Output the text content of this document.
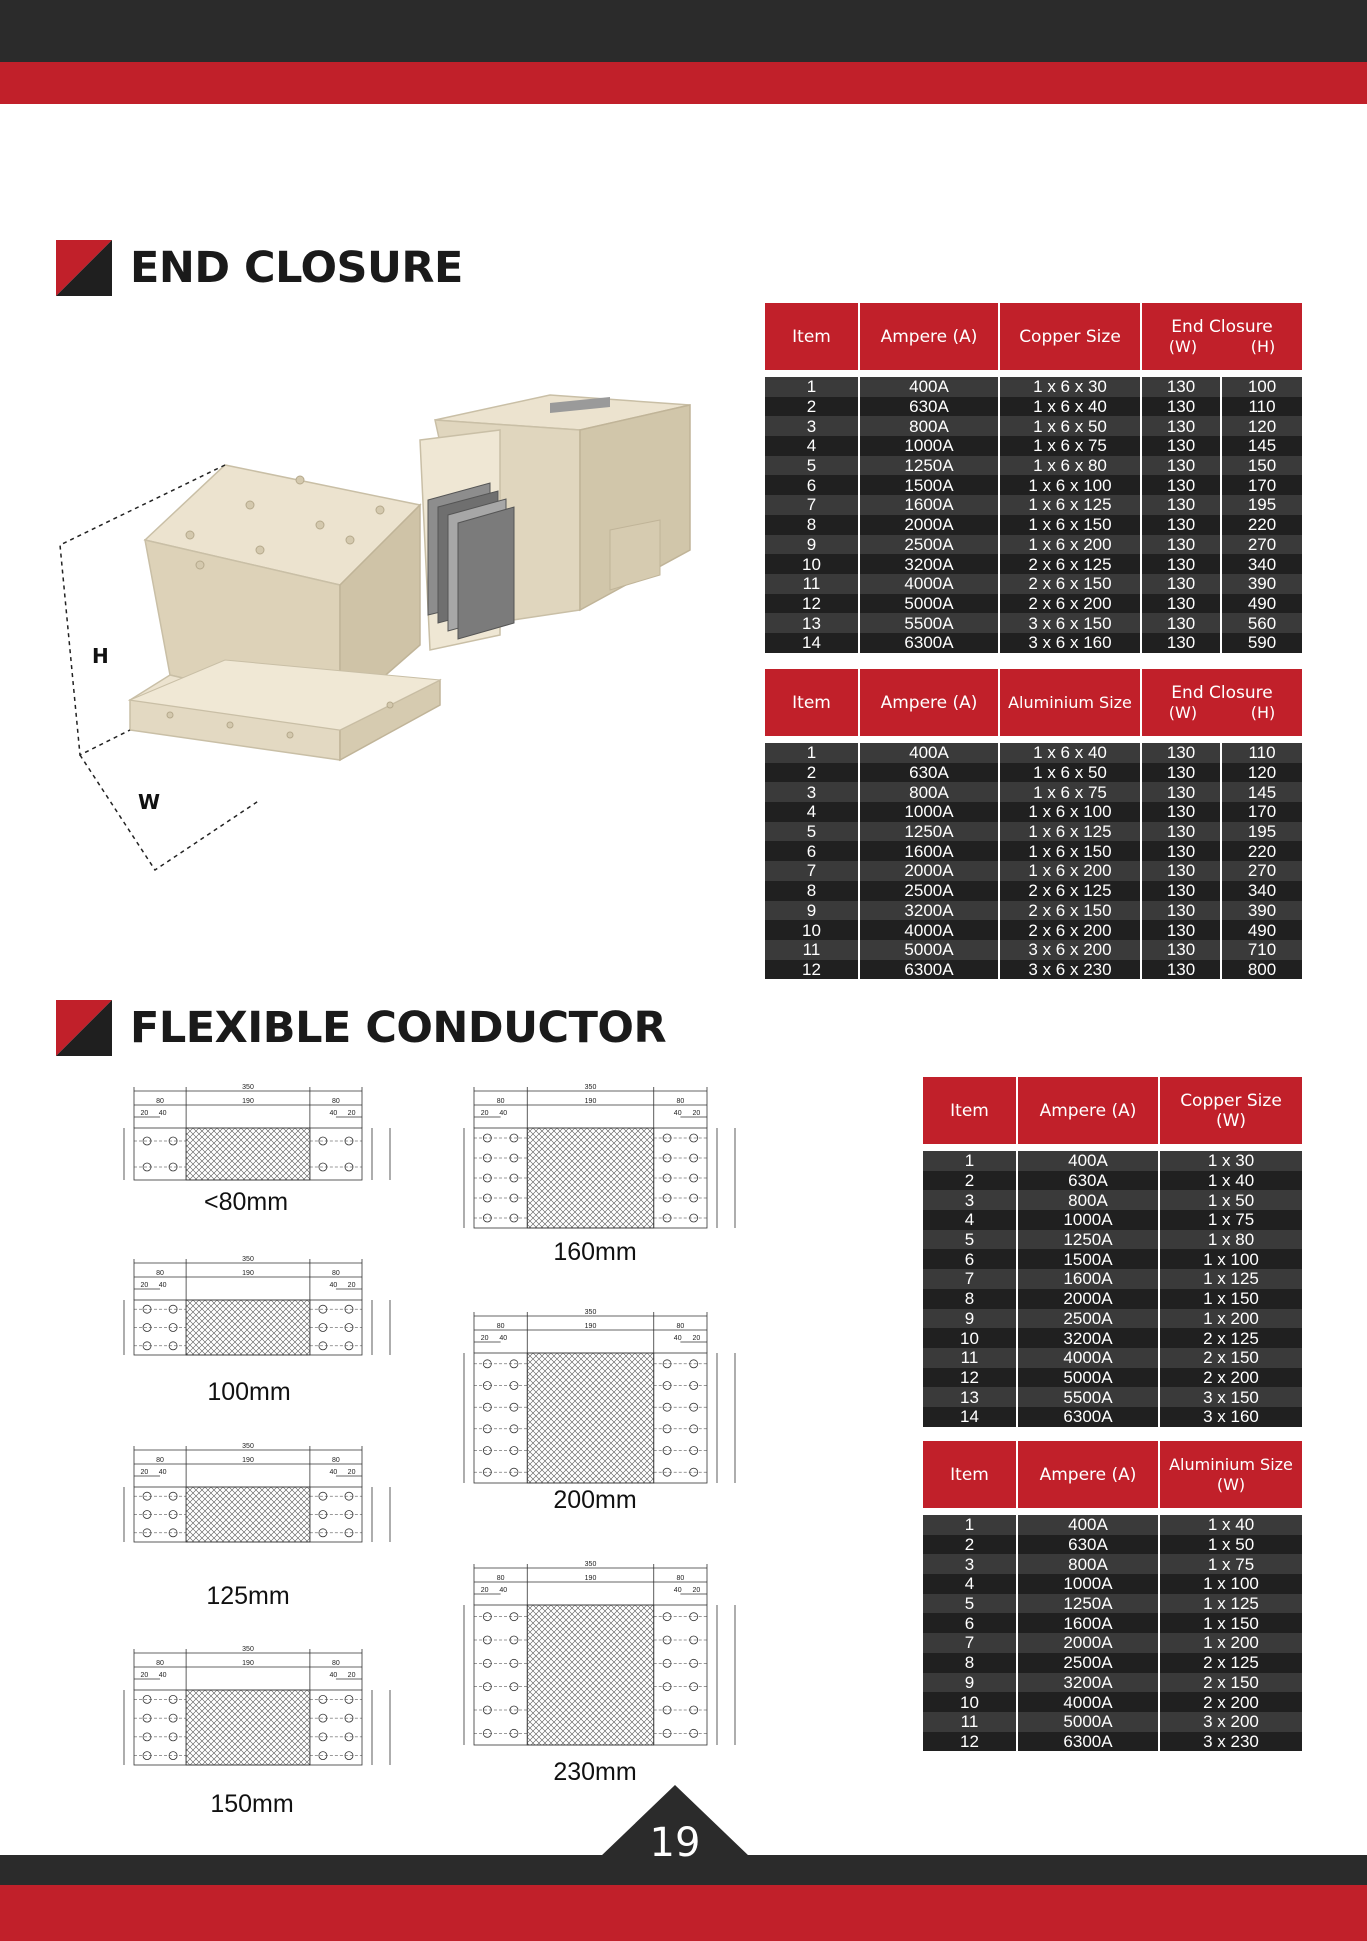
END CLOSURE
H
W
Item	Ampere (A)	Copper Size	End Closure
(W) (H)	

1	400A	1 x 6 x 30	130	100
2	630A	1 x 6 x 40	130	110
3	800A	1 x 6 x 50	130	120
4	1000A	1 x 6 x 75	130	145
5	1250A	1 x 6 x 80	130	150
6	1500A	1 x 6 x 100	130	170
7	1600A	1 x 6 x 125	130	195
8	2000A	1 x 6 x 150	130	220
9	2500A	1 x 6 x 200	130	270
10	3200A	2 x 6 x 125	130	340
11	4000A	2 x 6 x 150	130	390
12	5000A	2 x 6 x 200	130	490
13	5500A	3 x 6 x 150	130	560
14	6300A	3 x 6 x 160	130	590
Item	Ampere (A)	Aluminium Size	End Closure
(W) (H)	

1	400A	1 x 6 x 40	130	110
2	630A	1 x 6 x 50	130	120
3	800A	1 x 6 x 75	130	145
4	1000A	1 x 6 x 100	130	170
5	1250A	1 x 6 x 125	130	195
6	1600A	1 x 6 x 150	130	220
7	2000A	1 x 6 x 200	130	270
8	2500A	2 x 6 x 125	130	340
9	3200A	2 x 6 x 150	130	390
10	4000A	2 x 6 x 200	130	490
11	5000A	3 x 6 x 200	130	710
12	6300A	3 x 6 x 230	130	800
FLEXIBLE CONDUCTOR
350
80	80
190
20 40	40 20
350
80	80
190
20 40	40 20
350
80	80
190
20 40	40 20
350
80	80
190
20 40	40 20
350
80	80
190
20 40	40 20
350
80	80
190
20 40	40 20
350
80	80
190
20 40	40 20
<80mm
100mm
125mm
150mm
160mm
200mm
230mm
Item	Ampere (A)	Copper Size
(W)

1	400A	1 x 30
2	630A	1 x 40
3	800A	1 x 50
4	1000A	1 x 75
5	1250A	1 x 80
6	1500A	1 x 100
7	1600A	1 x 125
8	2000A	1 x 150
9	2500A	1 x 200
10	3200A	2 x 125
11	4000A	2 x 150
12	5000A	2 x 200
13	5500A	3 x 150
14	6300A	3 x 160
Item	Ampere (A)	Aluminium Size
(W)

1	400A	1 x 40
2	630A	1 x 50
3	800A	1 x 75
4	1000A	1 x 100
5	1250A	1 x 125
6	1600A	1 x 150
7	2000A	1 x 200
8	2500A	2 x 125
9	3200A	2 x 150
10	4000A	2 x 200
11	5000A	3 x 200
12	6300A	3 x 230
19
